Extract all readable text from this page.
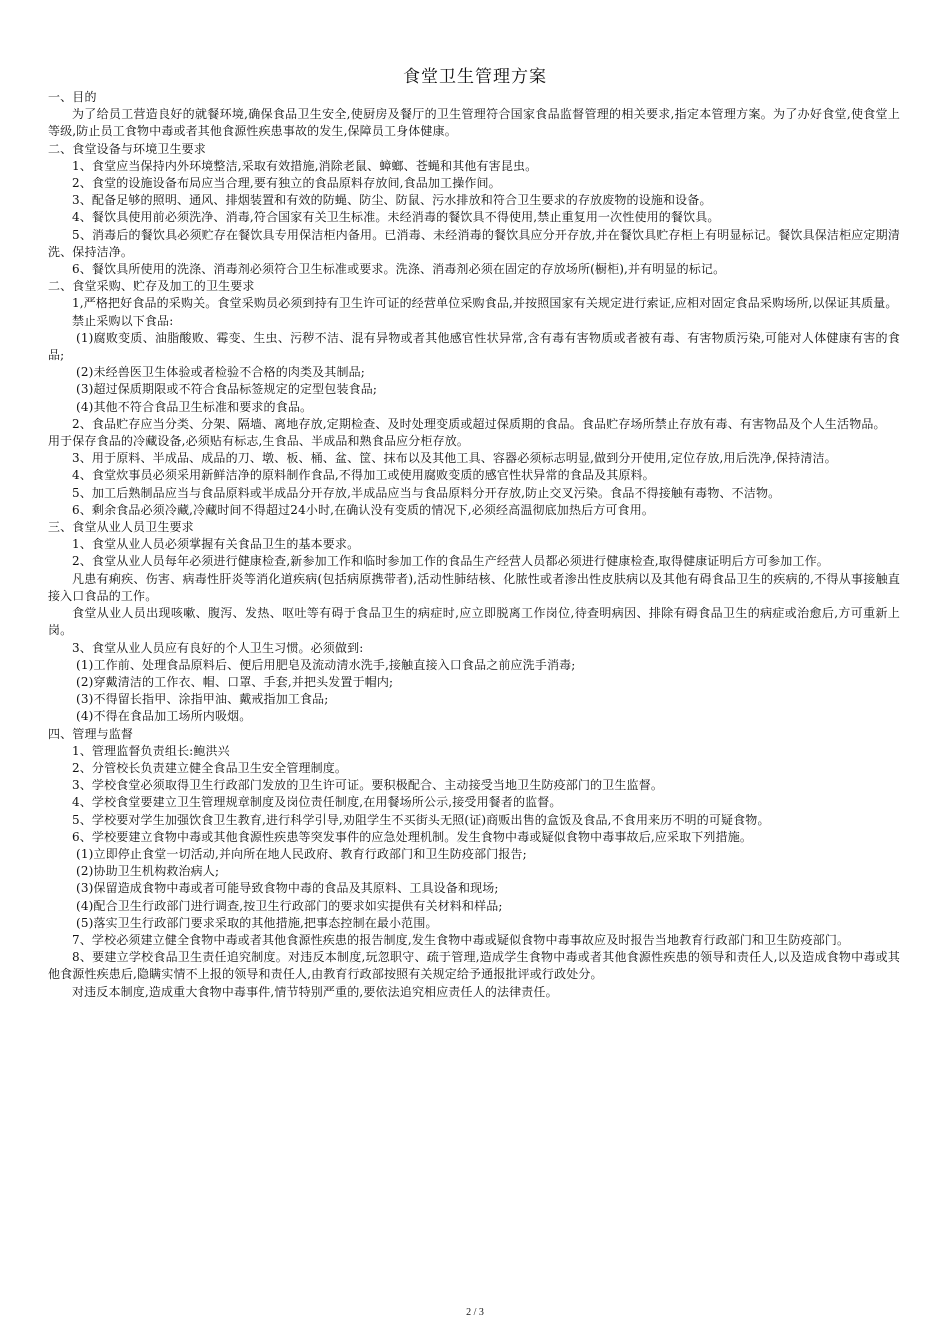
食堂卫生管理方案

一、目的

为了给员工营造良好的就餐环境,确保食品卫生安全,使厨房及餐厅的卫生管理符合国家食品监督管理的相关要求,指定本管理方案。为了办好食堂,使食堂上等级,防止员工食物中毒或者其他食源性疾患事故的发生,保障员工身体健康。

二、食堂设备与环境卫生要求

1、食堂应当保持内外环境整洁,采取有效措施,消除老鼠、蟑螂、苍蝇和其他有害昆虫。

2、食堂的设施设备布局应当合理,要有独立的食品原料存放间,食品加工操作间。

3、配备足够的照明、通风、排烟装置和有效的防蝇、防尘、防鼠、污水排放和符合卫生要求的存放废物的设施和设备。

4、餐饮具使用前必须洗净、消毒,符合国家有关卫生标准。未经消毒的餐饮具不得使用,禁止重复用一次性使用的餐饮具。

5、消毒后的餐饮具必须贮存在餐饮具专用保洁柜内备用。已消毒、未经消毒的餐饮具应分开存放,并在餐饮具贮存柜上有明显标记。餐饮具保洁柜应定期清洗、保持洁净。

6、餐饮具所使用的洗涤、消毒剂必须符合卫生标准或要求。洗涤、消毒剂必须在固定的存放场所(橱柜),并有明显的标记。

二、食堂采购、贮存及加工的卫生要求

1,严格把好食品的采购关。食堂采购员必须到持有卫生许可证的经营单位采购食品,并按照国家有关规定进行索证,应相对固定食品采购场所,以保证其质量。

禁止采购以下食品:

(1)腐败变质、油脂酸败、霉变、生虫、污秽不洁、混有异物或者其他感官性状异常,含有毒有害物质或者被有毒、有害物质污染,可能对人体健康有害的食品;

(2)未经兽医卫生体验或者检验不合格的肉类及其制品;

(3)超过保质期限或不符合食品标签规定的定型包装食品;

(4)其他不符合食品卫生标准和要求的食品。

2、食品贮存应当分类、分架、隔墙、离地存放,定期检查、及时处理变质或超过保质期的食品。食品贮存场所禁止存放有毒、有害物品及个人生活物品。

用于保存食品的冷藏设备,必须贴有标志,生食品、半成品和熟食品应分柜存放。

3、用于原料、半成品、成品的刀、墩、板、桶、盆、筐、抹布以及其他工具、容器必须标志明显,做到分开使用,定位存放,用后洗净,保持清洁。

4、食堂炊事员必须采用新鲜洁净的原料制作食品,不得加工或使用腐败变质的感官性状异常的食品及其原料。

5、加工后熟制品应当与食品原料或半成品分开存放,半成品应当与食品原料分开存放,防止交叉污染。食品不得接触有毒物、不洁物。

6、剩余食品必须冷藏,冷藏时间不得超过24小时,在确认没有变质的情况下,必须经高温彻底加热后方可食用。

三、食堂从业人员卫生要求

1、食堂从业人员必须掌握有关食品卫生的基本要求。

2、食堂从业人员每年必须进行健康检查,新参加工作和临时参加工作的食品生产经营人员都必须进行健康检查,取得健康证明后方可参加工作。

凡患有痢疾、伤害、病毒性肝炎等消化道疾病(包括病原携带者),活动性肺结核、化脓性或者渗出性皮肤病以及其他有碍食品卫生的疾病的,不得从事接触直接入口食品的工作。

食堂从业人员出现咳嗽、腹泻、发热、呕吐等有碍于食品卫生的病症时,应立即脱离工作岗位,待查明病因、排除有碍食品卫生的病症或治愈后,方可重新上岗。

3、食堂从业人员应有良好的个人卫生习惯。必须做到:

(1)工作前、处理食品原料后、便后用肥皂及流动清水洗手,接触直接入口食品之前应洗手消毒;

(2)穿戴清洁的工作衣、帽、口罩、手套,并把头发置于帽内;

(3)不得留长指甲、涂指甲油、戴戒指加工食品;

(4)不得在食品加工场所内吸烟。

四、管理与监督

1、管理监督负责组长:鲍洪兴

2、分管校长负责建立健全食品卫生安全管理制度。

3、学校食堂必须取得卫生行政部门发放的卫生许可证。要积极配合、主动接受当地卫生防疫部门的卫生监督。

4、学校食堂要建立卫生管理规章制度及岗位责任制度,在用餐场所公示,接受用餐者的监督。

5、学校要对学生加强饮食卫生教育,进行科学引导,劝阻学生不买街头无照(证)商贩出售的盒饭及食品,不食用来历不明的可疑食物。

6、学校要建立食物中毒或其他食源性疾患等突发事件的应急处理机制。发生食物中毒或疑似食物中毒事故后,应采取下列措施。

(1)立即停止食堂一切活动,并向所在地人民政府、教育行政部门和卫生防疫部门报告;

(2)协助卫生机构救治病人;

(3)保留造成食物中毒或者可能导致食物中毒的食品及其原料、工具设备和现场;

(4)配合卫生行政部门进行调查,按卫生行政部门的要求如实提供有关材料和样品;

(5)落实卫生行政部门要求采取的其他措施,把事态控制在最小范围。

7、学校必须建立健全食物中毒或者其他食源性疾患的报告制度,发生食物中毒或疑似食物中毒事故应及时报告当地教育行政部门和卫生防疫部门。

8、要建立学校食品卫生责任追究制度。对违反本制度,玩忽职守、疏于管理,造成学生食物中毒或者其他食源性疾患的领导和责任人,以及造成食物中毒或其他食源性疾患后,隐瞒实情不上报的领导和责任人,由教育行政部按照有关规定给予通报批评或行政处分。

对违反本制度,造成重大食物中毒事件,情节特别严重的,要依法追究相应责任人的法律责任。

2 / 3
